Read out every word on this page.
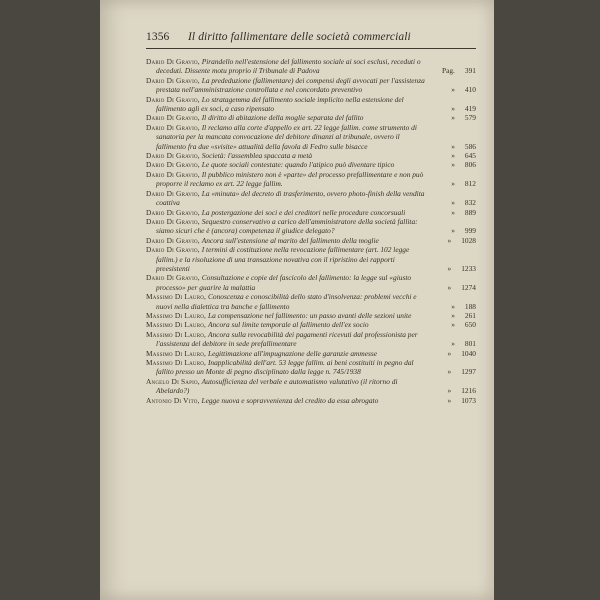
1356 Il diritto fallimentare delle società commerciali
Dario Di Gravio, Pirandello nell'estensione del fallimento sociale ai soci esclusi, receduti o deceduti. Dissente motu proprio il Tribunale di Padova	Pag. 391
Dario Di Gravio, La prededuzione (fallimentare) dei compensi degli avvocati per l'assistenza prestata nell'amministrazione controllata e nel concordato preventivo	» 410
Dario Di Gravio, Lo stratagemma del fallimento sociale implicito nella estensione del fallimento agli ex soci, a caso ripensato	» 419
Dario Di Gravio, Il diritto di abitazione della moglie separata del fallito	» 579
Dario Di Gravio, Il reclamo alla corte d'appello ex art. 22 legge fallim. come strumento di sanatoria per la mancata convocazione del debitore dinanzi al tribunale, ovvero il fallimento fra due «svisite» attualità della favola di Fedro sulle bisacce	» 586
Dario Di Gravio, Società: l'assemblea spaccata a metà	» 645
Dario Di Gravio, Le quote sociali contestate: quando l'atipico può diventare tipico	» 806
Dario Di Gravio, Il pubblico ministero non è «parte» del processo prefallimentare e non può proporre il reclamo ex art. 22 legge fallim.	» 812
Dario Di Gravio, La «minuta» del decreto di trasferimento, ovvero photo-finish della vendita coattiva	» 832
Dario Di Gravio, La postergazione dei soci e dei creditori nelle procedure concorsuali	» 889
Dario Di Gravio, Sequestro conservativo a carico dell'amministratore della società fallita: siamo sicuri che è (ancora) competenza il giudice delegato?	» 999
Dario Di Gravio, Ancora sull'estensione al marito del fallimento della moglie	» 1028
Dario Di Gravio, I termini di costituzione nella revocazione fallimentare (art. 102 legge fallim.) e la risoluzione di una transazione novativa con il ripristino dei rapporti preesistenti	» 1233
Dario Di Gravio, Consultazione e copie del fascicolo del fallimento: la legge sul «giusto processo» per guarire la malattia	» 1274
Massimo Di Lauro, Conoscenza e conoscibilità dello stato d'insolvenza: problemi vecchi e nuovi nella dialettica tra banche e fallimento	» 188
Massimo Di Lauro, La compensazione nel fallimento: un passo avanti delle sezioni unite	» 261
Massimo Di Lauro, Ancora sul limite temporale al fallimento dell'ex socio	» 650
Massimo Di Lauro, Ancora sulla revocabilità dei pagamenti ricevuti dal professionista per l'assistenza del debitore in sede prefallimentare	» 801
Massimo Di Lauro, Legittimazione all'impugnazione delle garanzie ammesse	» 1040
Massimo Di Lauro, Inapplicabilità dell'art. 53 legge fallim. ai beni costituiti in pegno dal fallito presso un Monte di pegno disciplinato dalla legge n. 745/1938	» 1297
Angelo Di Sapio, Autosufficienza del verbale e automatismo valutativo (il ritorno di Abelardo?)	» 1216
Antonio Di Vito, Legge nuova e sopravvenienza del credito da essa abrogato	» 1073
